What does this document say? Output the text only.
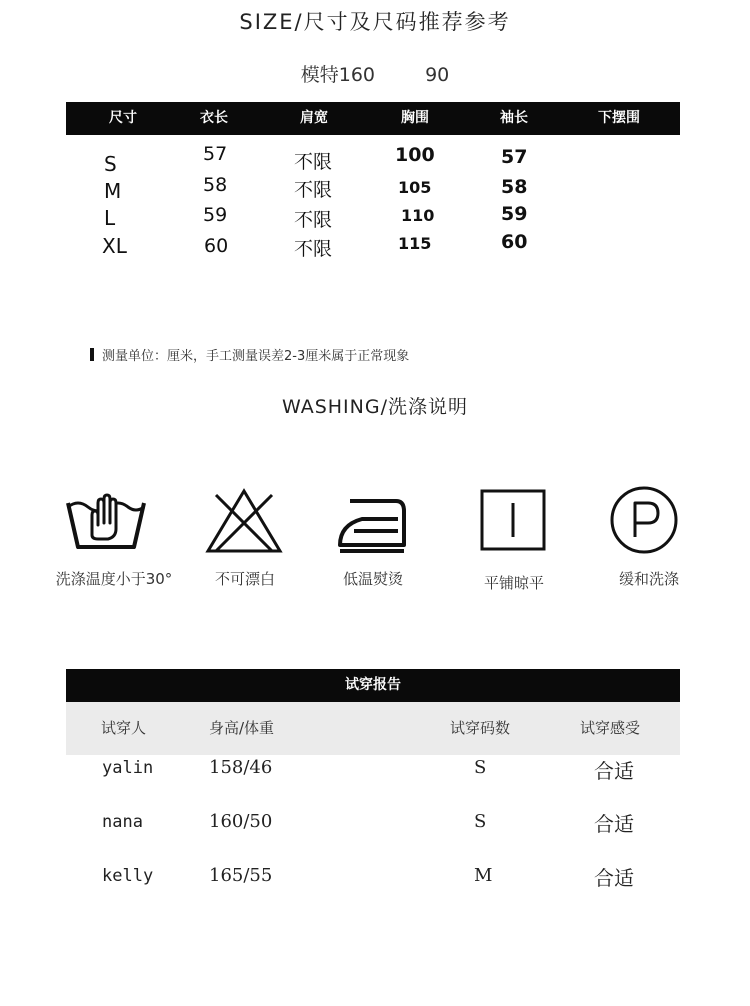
SIZE/尺寸及尺码推荐参考
模特160	90
尺寸	衣长	肩宽	胸围	袖长	下摆围
S	57	不限	100	57
M	58	不限	105	58
L	59	不限	110	59
XL	60	不限	115	60
测量单位：厘米，手工测量误差2-3厘米属于正常现象
WASHING/洗涤说明
洗涤温度小于30°	不可漂白	低温熨烫	平铺晾平	缓和洗涤
试穿报告
试穿人	身高/体重	试穿码数	试穿感受
yalin	158/46	S	合适
nana	160/50	S	合适
kelly	165/55	M	合适
